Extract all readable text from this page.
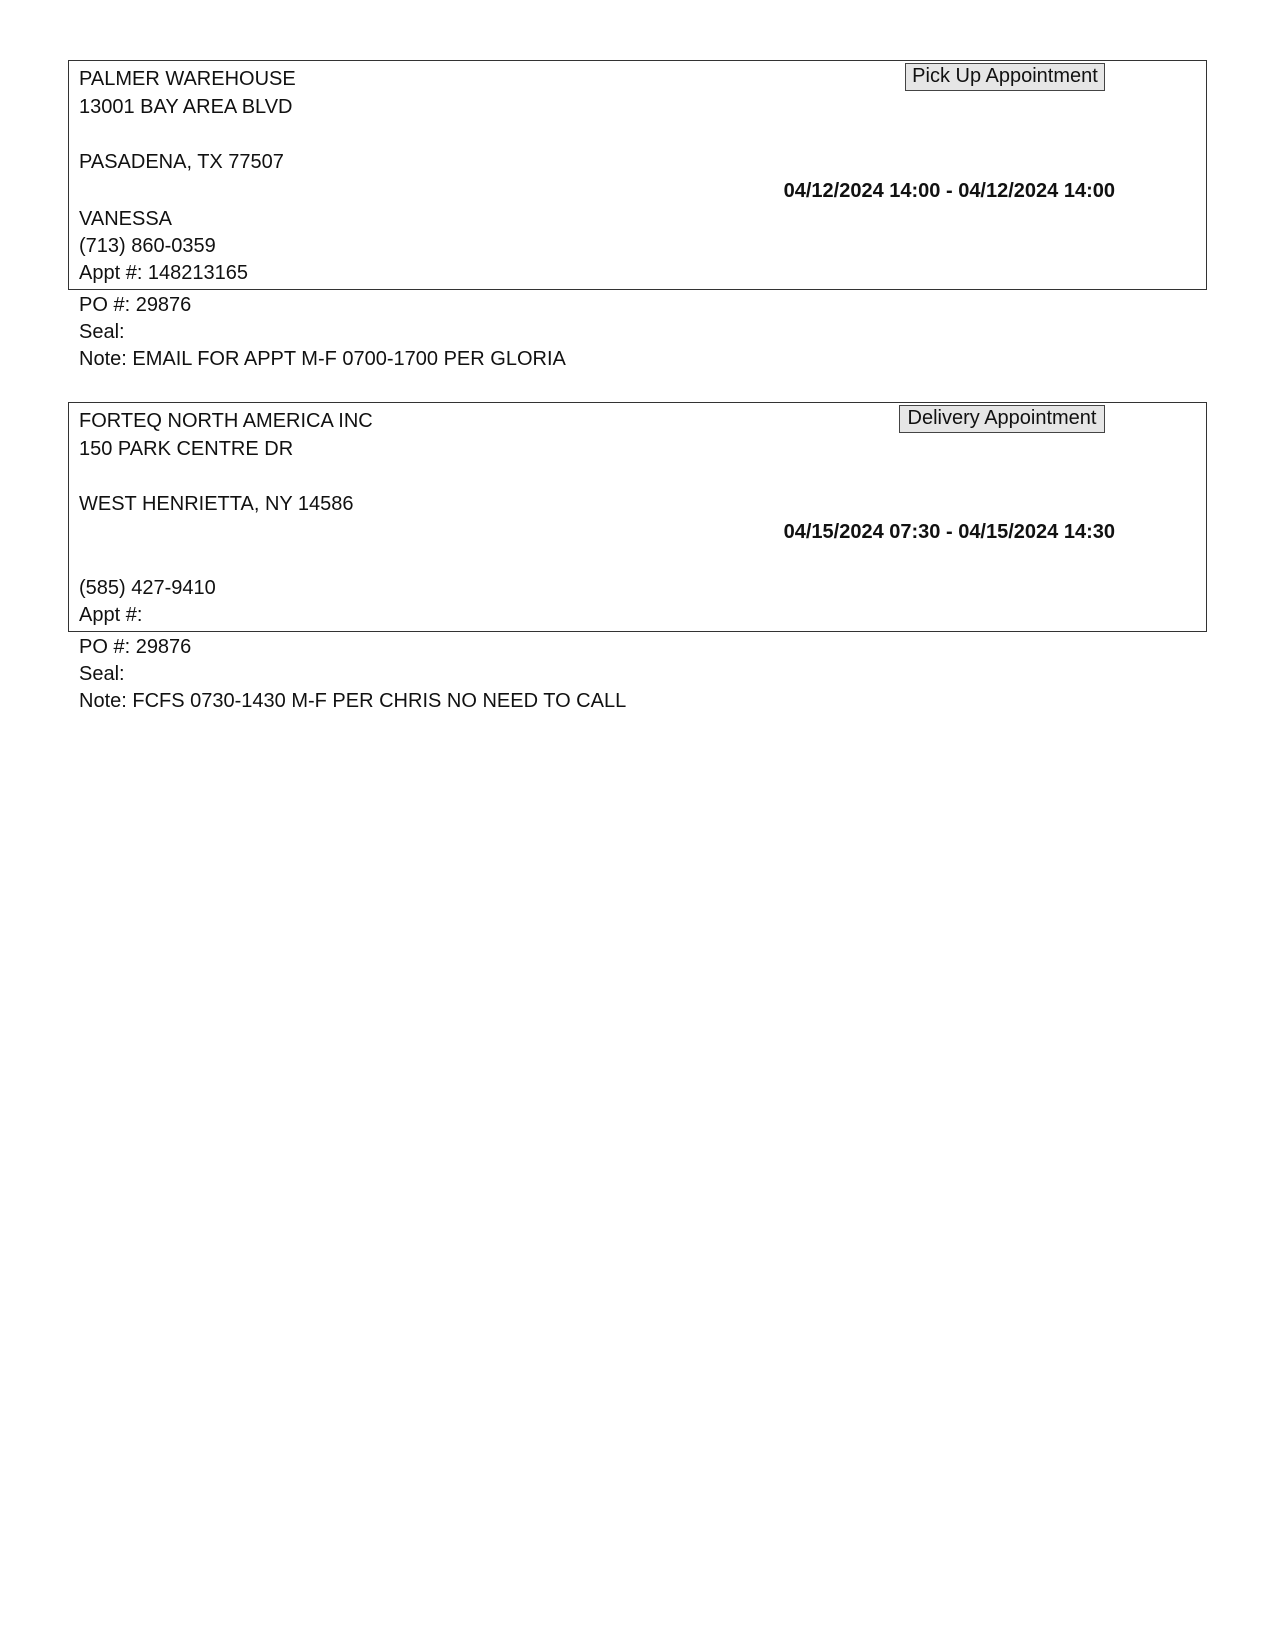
PALMER WAREHOUSE
13001 BAY AREA BLVD
PASADENA, TX 77507
VANESSA
(713) 860-0359
Appt #: 148213165
Pick Up Appointment
04/12/2024 14:00 - 04/12/2024 14:00
PO #: 29876
Seal:
Note: EMAIL FOR APPT M-F 0700-1700 PER GLORIA
FORTEQ NORTH AMERICA INC
150 PARK CENTRE DR
WEST HENRIETTA, NY 14586
(585) 427-9410
Appt #:
Delivery Appointment
04/15/2024 07:30 - 04/15/2024 14:30
PO #: 29876
Seal:
Note: FCFS 0730-1430 M-F PER CHRIS NO NEED TO CALL
